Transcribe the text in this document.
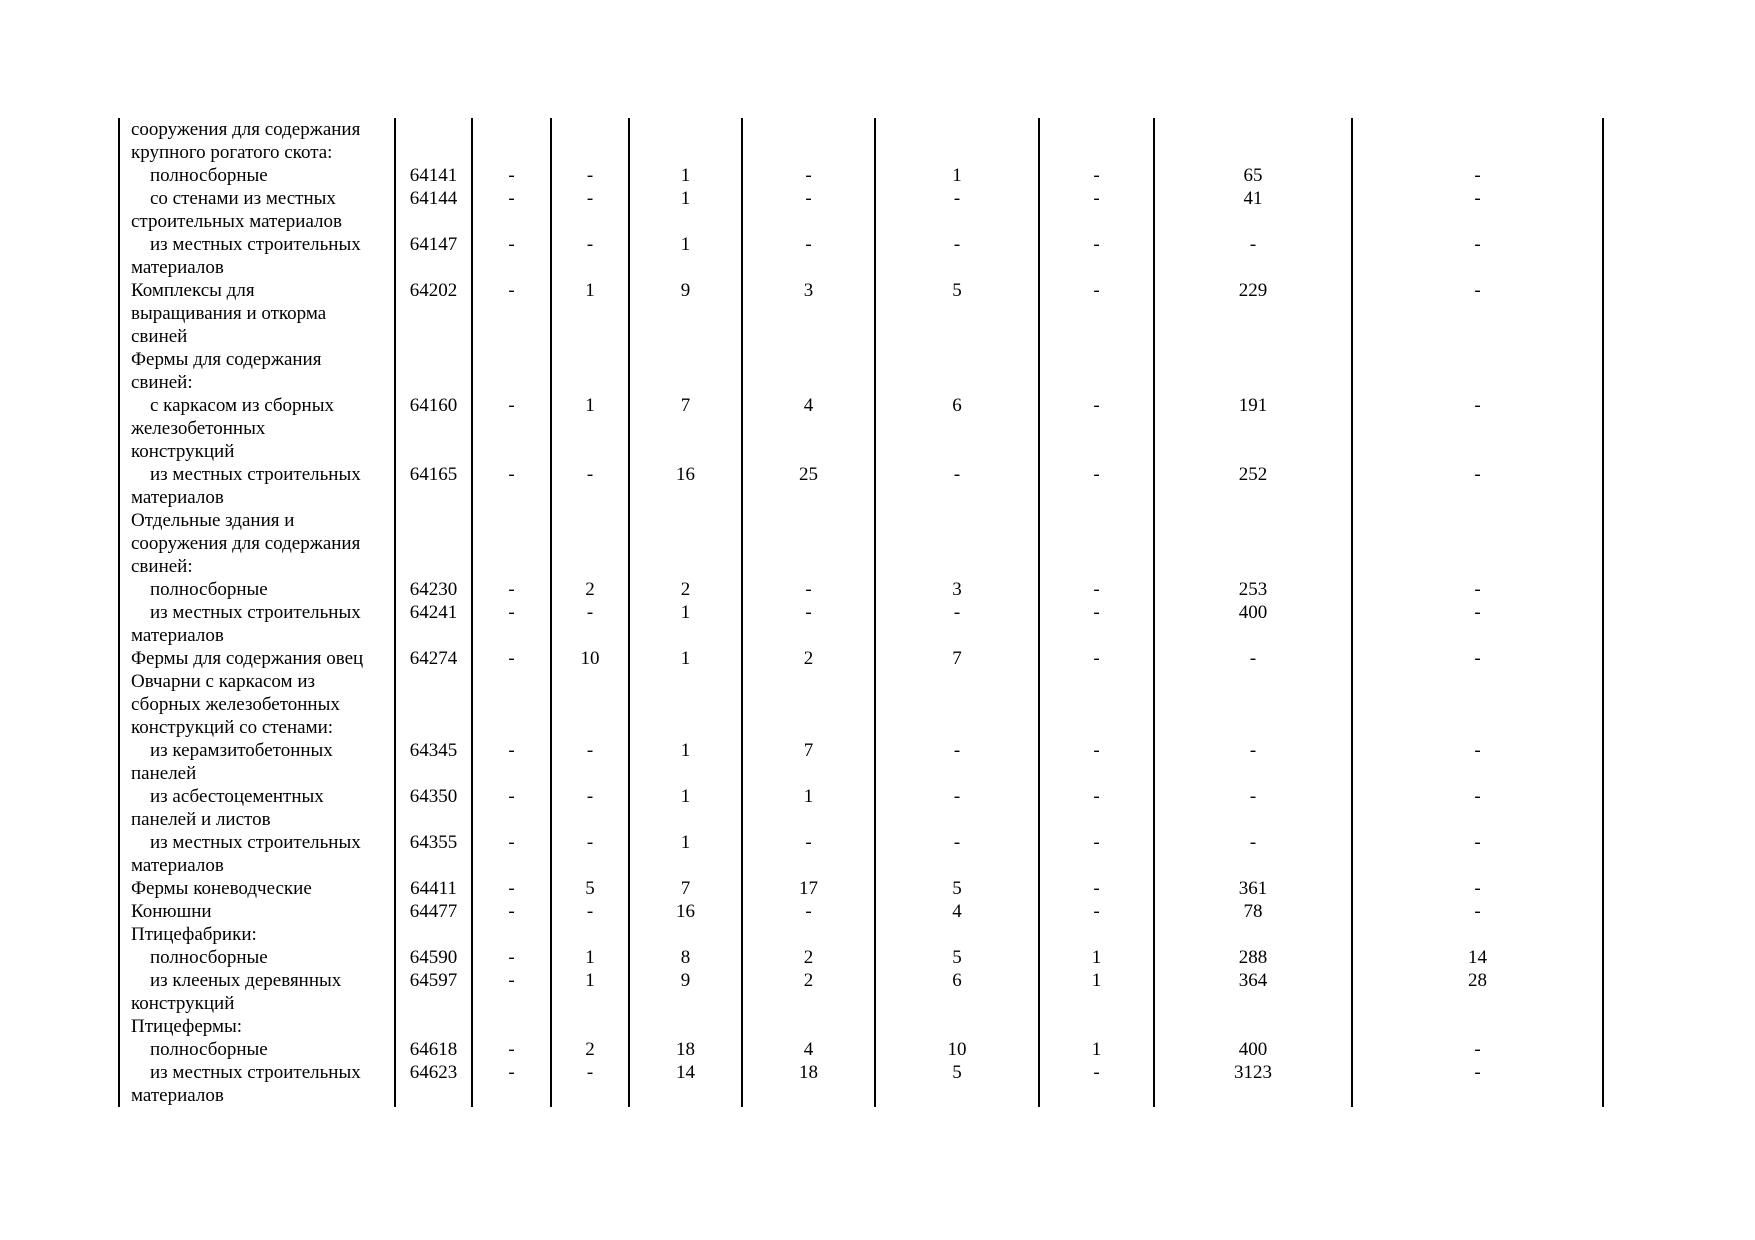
сооружения для содержания
крупного рогатого скота:									

полносборные	64141	-	-	1	-	1	-	65	-

со стенами из местных
строительных материалов	64144	-	-	1	-	-	-	41	-

из местных строительных
материалов	64147	-	-	1	-	-	-	-	-

Комплексы для
выращивания и откорма
свиней	64202	-	1	9	3	5	-	229	-

Фермы для содержания
свиней:									

с каркасом из сборных
железобетонных
конструкций	64160	-	1	7	4	6	-	191	-

из местных строительных
материалов	64165	-	-	16	25	-	-	252	-

Отдельные здания и
сооружения для содержания
свиней:									

полносборные	64230	-	2	2	-	3	-	253	-

из местных строительных
материалов	64241	-	-	1	-	-	-	400	-

Фермы для содержания овец	64274	-	10	1	2	7	-	-	-

Овчарни с каркасом из
сборных железобетонных
конструкций со стенами:									

из керамзитобетонных
панелей	64345	-	-	1	7	-	-	-	-

из асбестоцементных
панелей и листов	64350	-	-	1	1	-	-	-	-

из местных строительных
материалов	64355	-	-	1	-	-	-	-	-

Фермы коневодческие	64411	-	5	7	17	5	-	361	-

Конюшни	64477	-	-	16	-	4	-	78	-

Птицефабрики:									

полносборные	64590	-	1	8	2	5	1	288	14

из клееных деревянных
конструкций	64597	-	1	9	2	6	1	364	28

Птицефермы:									

полносборные	64618	-	2	18	4	10	1	400	-

из местных строительных
материалов	64623	-	-	14	18	5	-	3123	-
